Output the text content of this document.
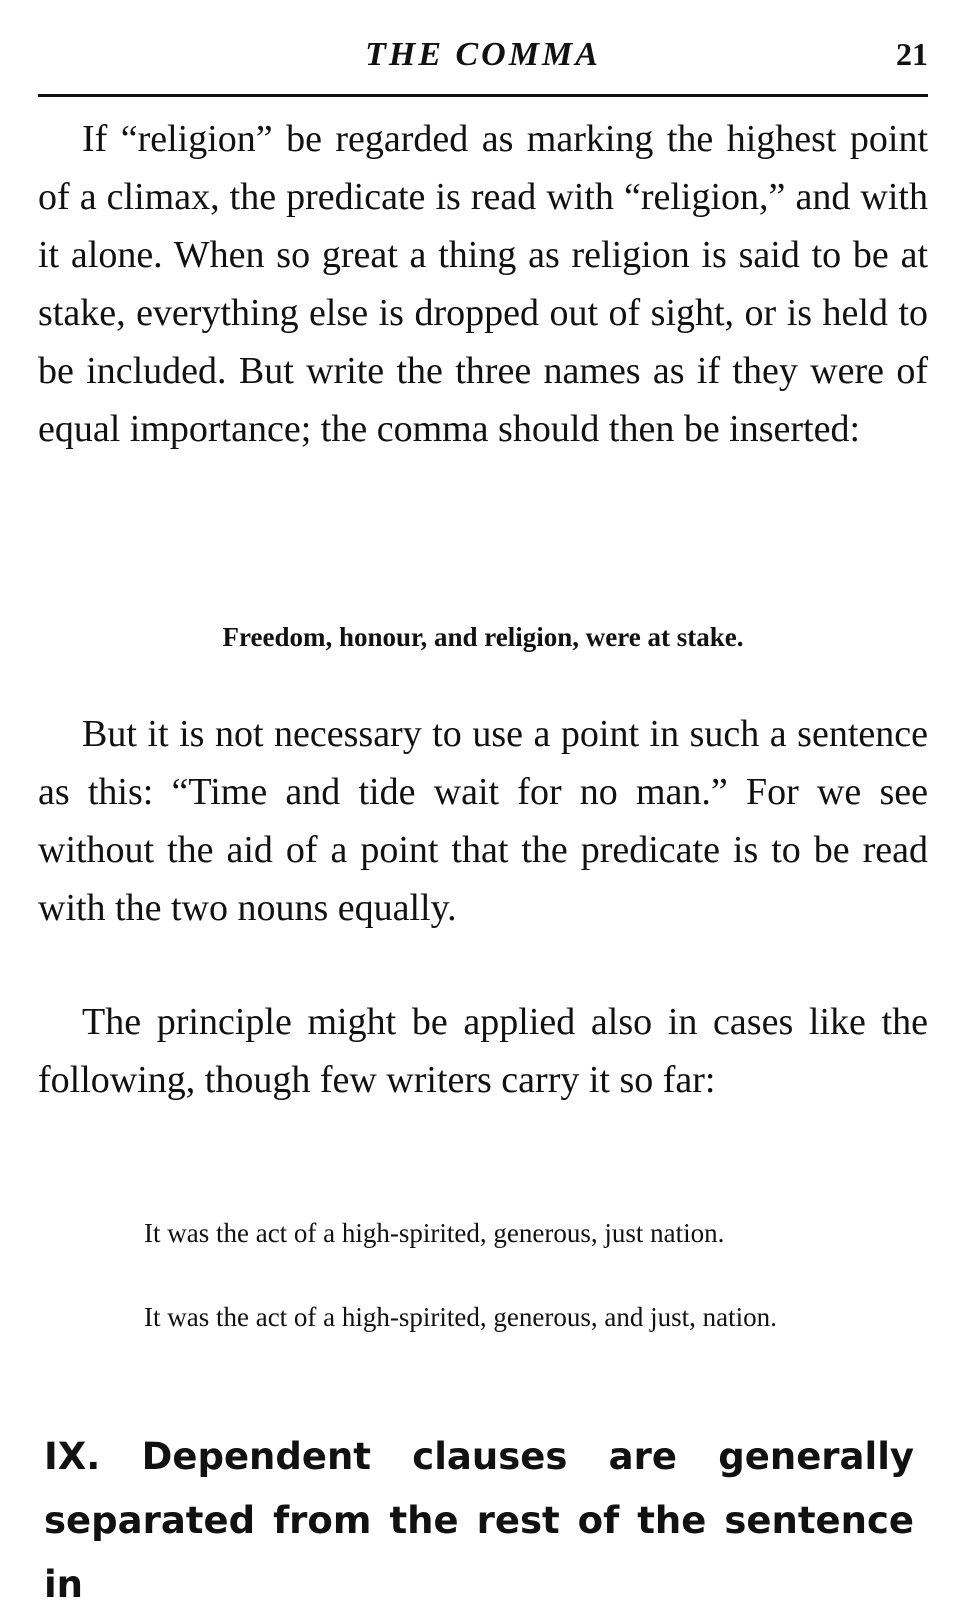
THE COMMA	21

If “religion” be regarded as marking the highest point of a climax, the predicate is read with “religion,” and with it alone. When so great a thing as religion is said to be at stake, everything else is dropped out of sight, or is held to be included. But write the three names as if they were of equal importance; the comma should then be inserted:

Freedom, honour, and religion, were at stake.

But it is not necessary to use a point in such a sentence as this: “Time and tide wait for no man.” For we see without the aid of a point that the predicate is to be read with the two nouns equally.

The principle might be applied also in cases like the following, though few writers carry it so far:

It was the act of a high-spirited, generous, just nation.

It was the act of a high-spirited, generous, and just, nation.

IX. Dependent clauses are generally separated from the rest of the sentence in
